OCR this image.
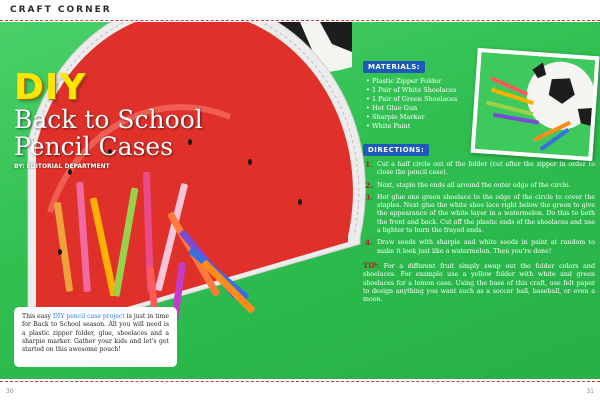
CRAFT CORNER
DIY
Back to School
Pencil Cases
BY: EDITORIAL DEPARTMENT
This easy DIY pencil case project is just in time for Back to School season. All you will need is a plastic zipper folder, glue, shoelaces and a sharpie marker. Gather your kids and let's get started on this awesome pouch!
MATERIALS:
• Plastic Zipper Folder
• 1 Pair of White Shoelaces
• 1 Pair of Green Shoelaces
• Hot Glue Gun
• Sharpie Marker
• White Paint
DIRECTIONS:
1. Cut a half circle out of the folder (cut after the zipper in order to close the pencil case).
2. Next, staple the ends all around the outer edge of the circle.
3. Hot glue one green shoelace to the edge of the circle to cover the staples. Next glue the white shoe lace right below the green to give the appearance of the white layer in a watermelon. Do this to both the front and back. Cut off the plastic ends of the shoelaces and use a lighter to burn the frayed ends.
4. Draw seeds with sharpie and white seeds in paint at random to make it look just like a watermelon. Then you're done!
TIP: For a different fruit simply swap out the folder colors and shoelaces. For example use a yellow folder with white and green shoelaces for a lemon case. Using the base of this craft, use felt paper to design anything you want such as a soccer ball, baseball, or even a moon.
30	31
